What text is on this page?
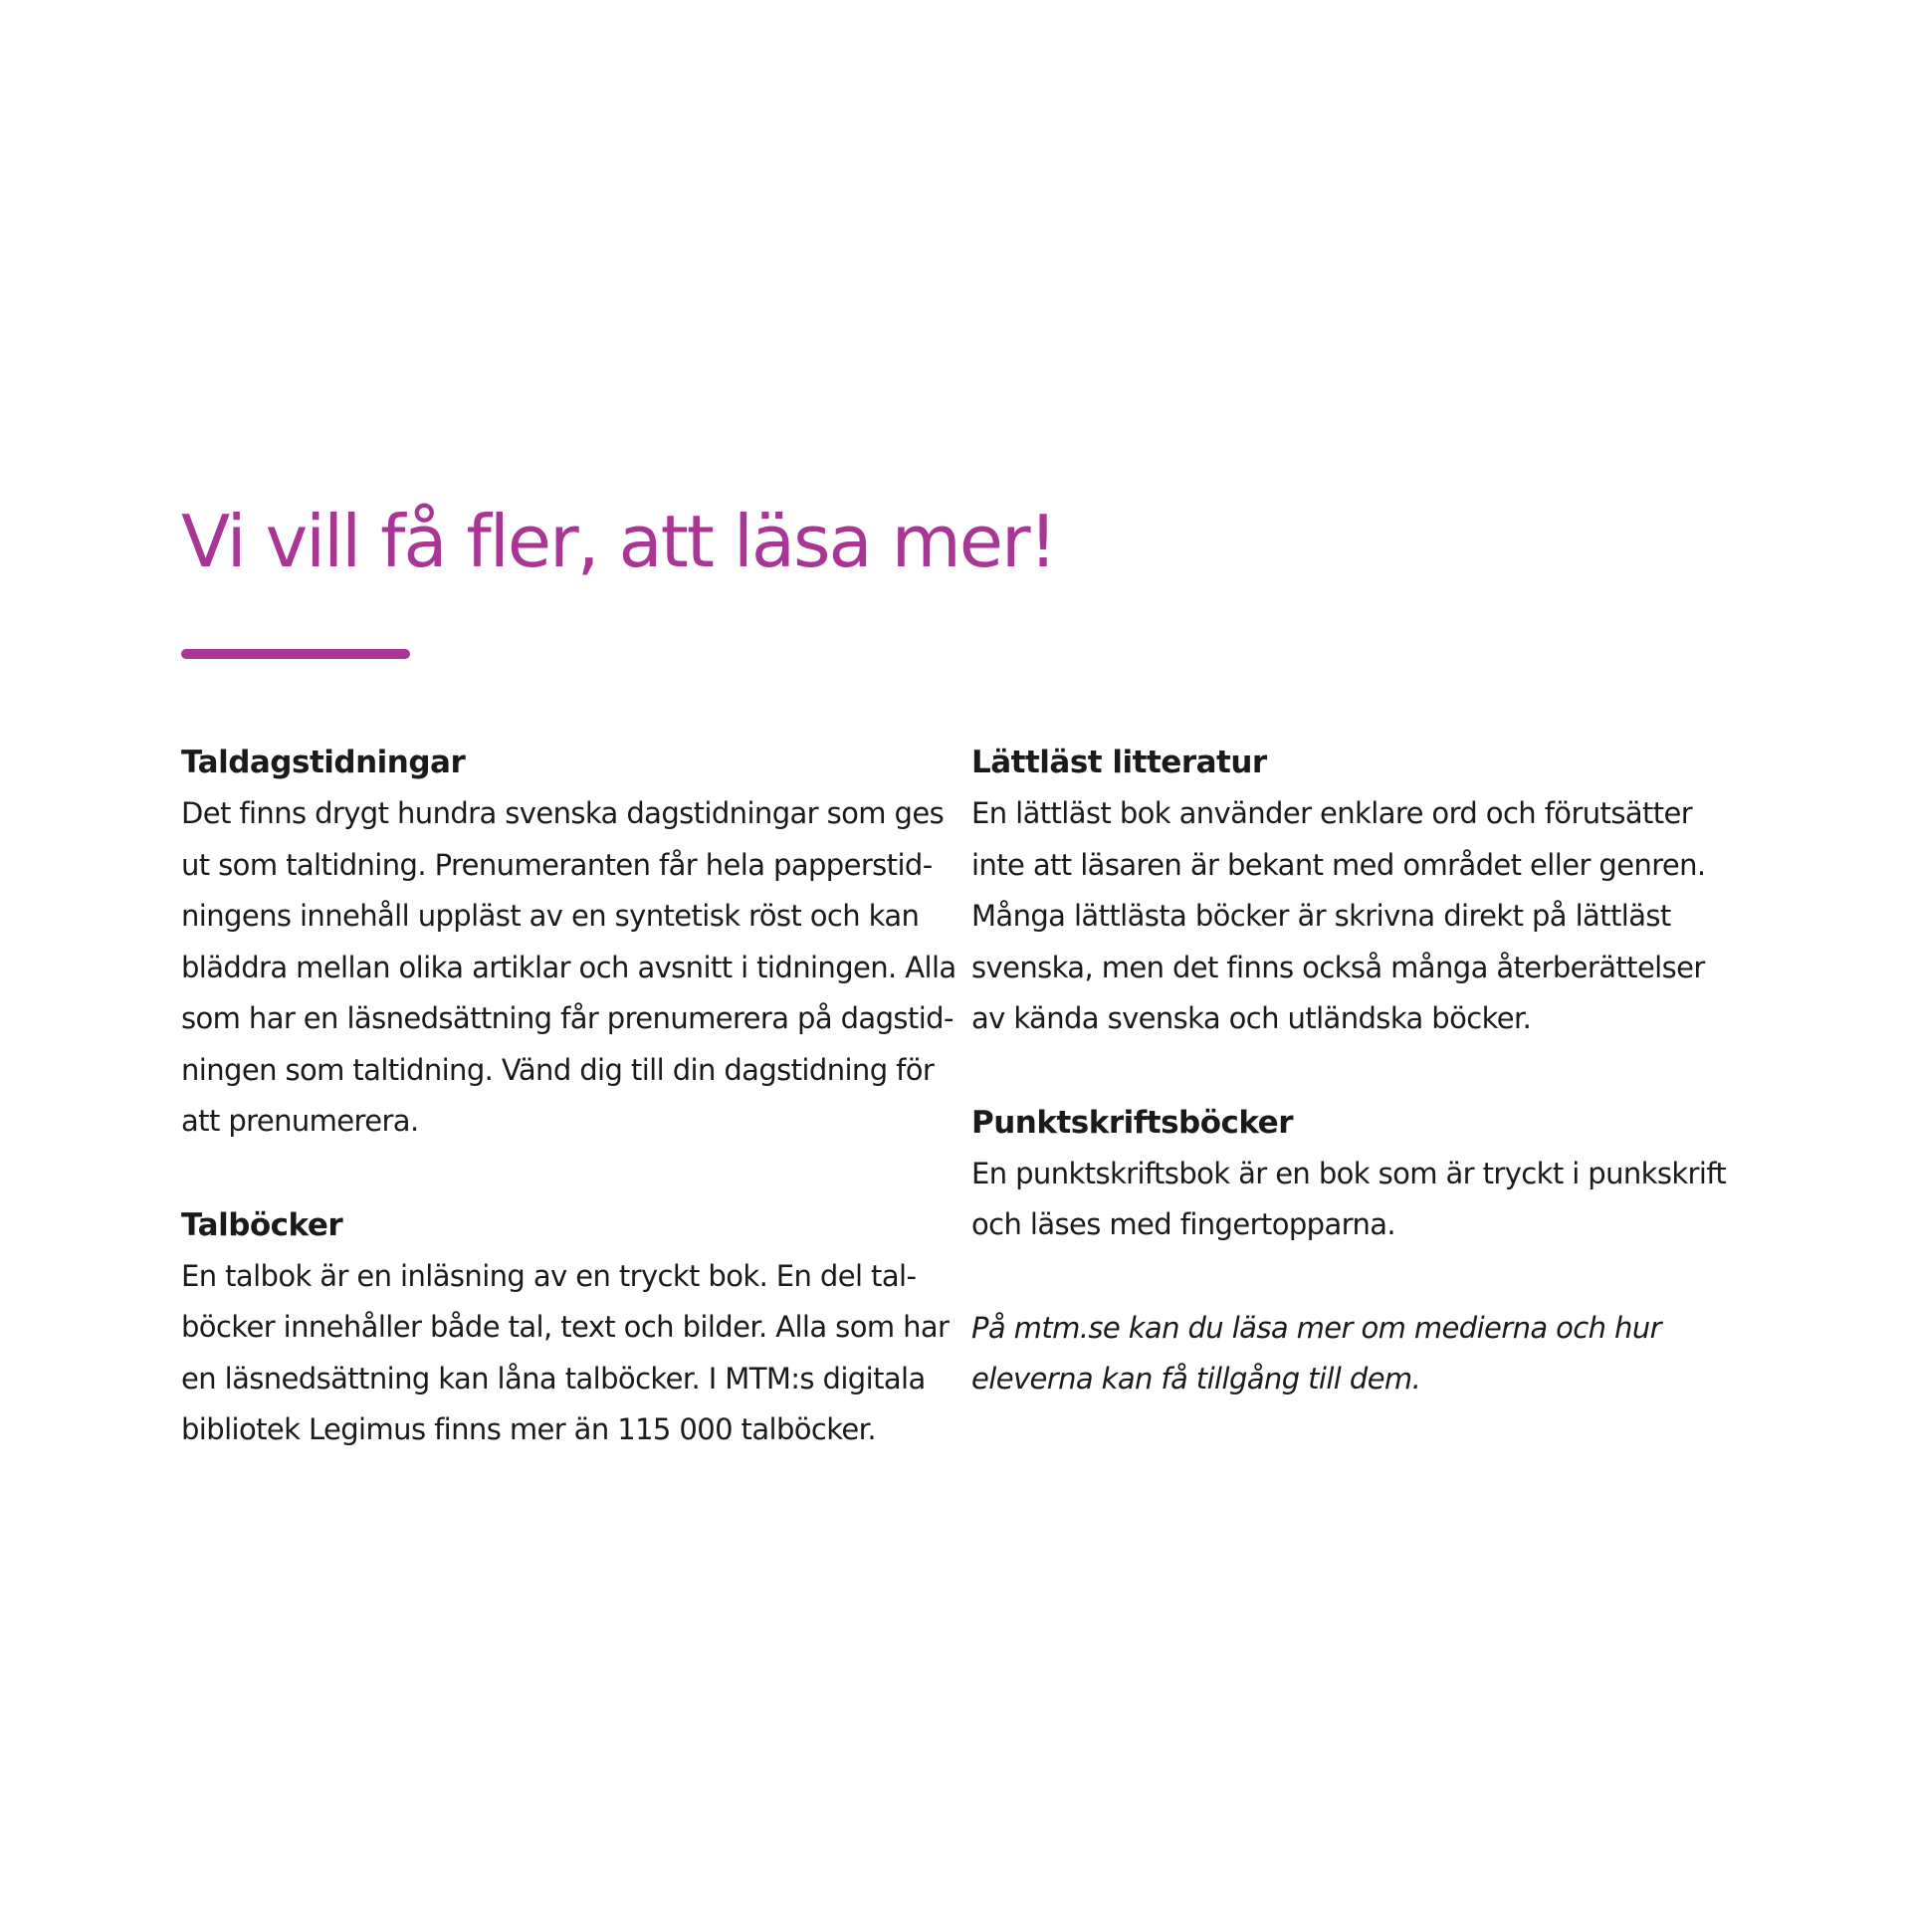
Vi vill få fler, att läsa mer!
Taldagstidningar

Det finns drygt hundra svenska dagstidningar som ges
ut som taltidning. Prenumeranten får hela papperstid-
ningens innehåll uppläst av en syntetisk röst och kan
bläddra mellan olika artiklar och avsnitt i tidningen. Alla
som har en läsnedsättning får prenumerera på dagstid-
ningen som taltidning. Vänd dig till din dagstidning för
att prenumerera.

Talböcker

En talbok är en inläsning av en tryckt bok. En del tal-
böcker innehåller både tal, text och bilder. Alla som har
en läsnedsättning kan låna talböcker. I MTM:s digitala
bibliotek Legimus finns mer än 115 000 talböcker.

Lättläst litteratur

En lättläst bok använder enklare ord och förutsätter
inte att läsaren är bekant med området eller genren.
Många lättlästa böcker är skrivna direkt på lättläst
svenska, men det finns också många återberättelser
av kända svenska och utländska böcker.

Punktskriftsböcker

En punktskriftsbok är en bok som är tryckt i punkskrift
och läses med fingertopparna.

På mtm.se kan du läsa mer om medierna och hur
eleverna kan få tillgång till dem.
